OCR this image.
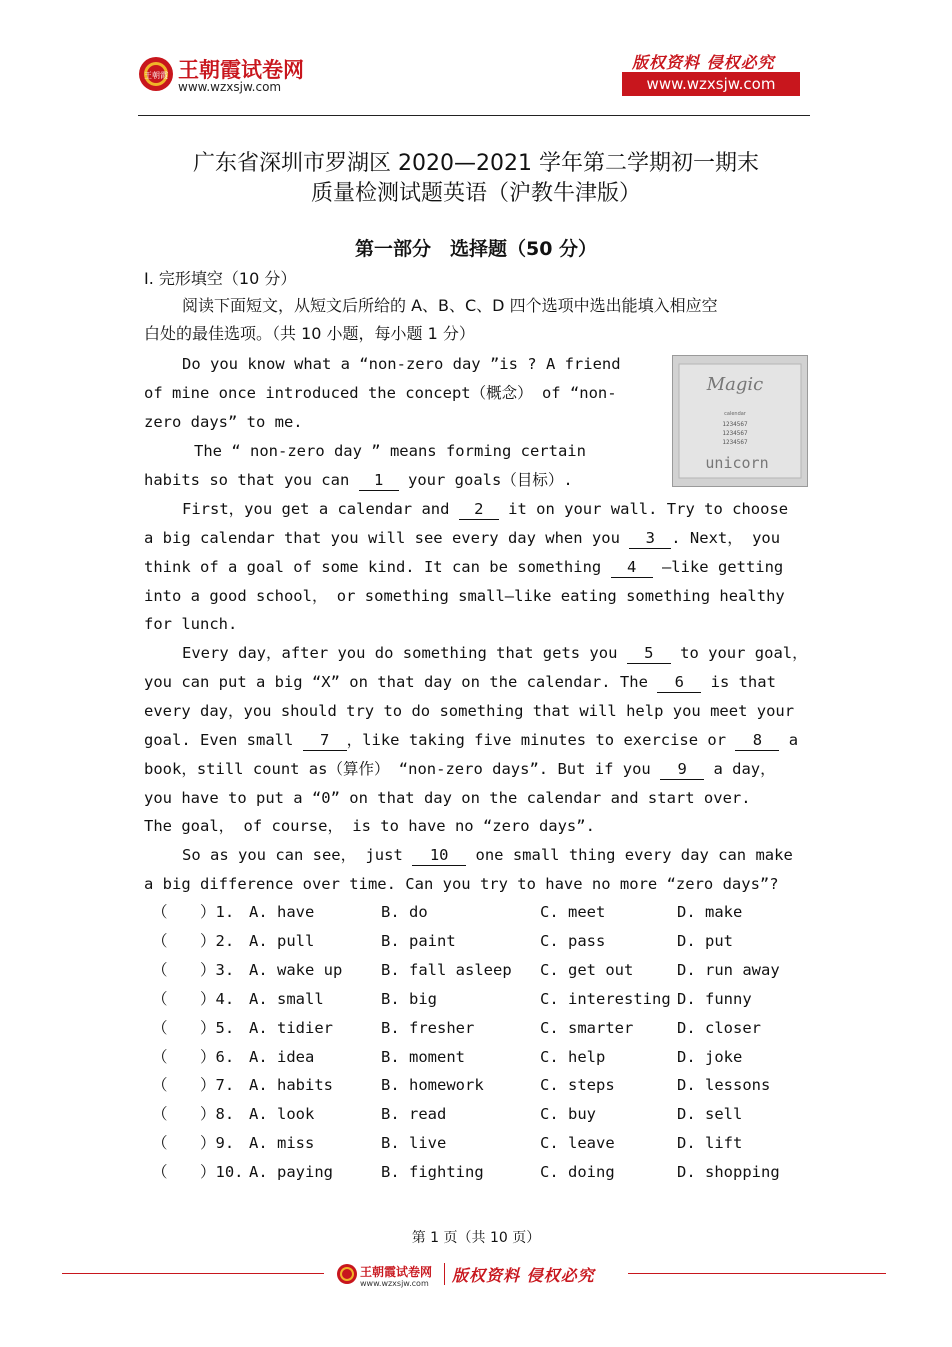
王朝霞 王朝霞试卷网
www.wzxsjw.com
版权资料 侵权必究
www.wzxsjw.com
广东省深圳市罗湖区 2020—2021 学年第二学期初一期末
质量检测试题英语（沪教牛津版）
第一部分　选择题（50 分）
Ⅰ. 完形填空（10 分）
阅读下面短文，从短文后所给的 A、B、C、D 四个选项中选出能填入相应空
白处的最佳选项。（共 10 小题，每小题 1 分）
Magic
calendar
1234567
1234567
1234567
unicorn
Do you know what a “non-zero day ”is ? A friend
of mine once introduced the concept（概念） of “non-
zero days” to me.
The “ non-zero day ” means forming certain
habits so that you can 1 your goals（目标）.
First，you get a calendar and 2 it on your wall. Try to choose
a big calendar that you will see every day when you 3 . Next， you
think of a goal of some kind. It can be something 4 —like getting
into a good school， or something small—like eating something healthy
for lunch.
Every day，after you do something that gets you 5 to your goal，
you can put a big “X” on that day on the calendar. The 6 is that
every day，you should try to do something that will help you meet your
goal. Even small 7 ，like taking five minutes to exercise or 8 a
book，still count as（算作） “non-zero days”. But if you 9 a day，
you have to put a “0” on that day on the calendar and start over.
The goal， of course， is to have no “zero days”.
So as you can see， just 10 one small thing every day can make
a big difference over time. Can you try to have no more “zero days”?
（ ）1. A. have	B. do	C. meet	D. make
（ ）2. A. pull	B. paint	C. pass	D. put
（ ）3. A. wake up B. fall asleep C. get out	D. run away
（ ）4. A. small	B. big	C. interesting D. funny
（ ）5. A. tidier	B. fresher	C. smarter	D. closer
（ ）6. A. idea	B. moment	C. help	D. joke
（ ）7. A. habits	B. homework	C. steps	D. lessons
（ ）8. A. look	B. read	C. buy	D. sell
（ ）9. A. miss	B. live	C. leave	D. lift
（ ）10. A. paying	B. fighting	C. doing	D. shopping
第 1 页（共 10 页）
王朝霞试卷网
www.wzxsjw.com 版权资料 侵权必究
